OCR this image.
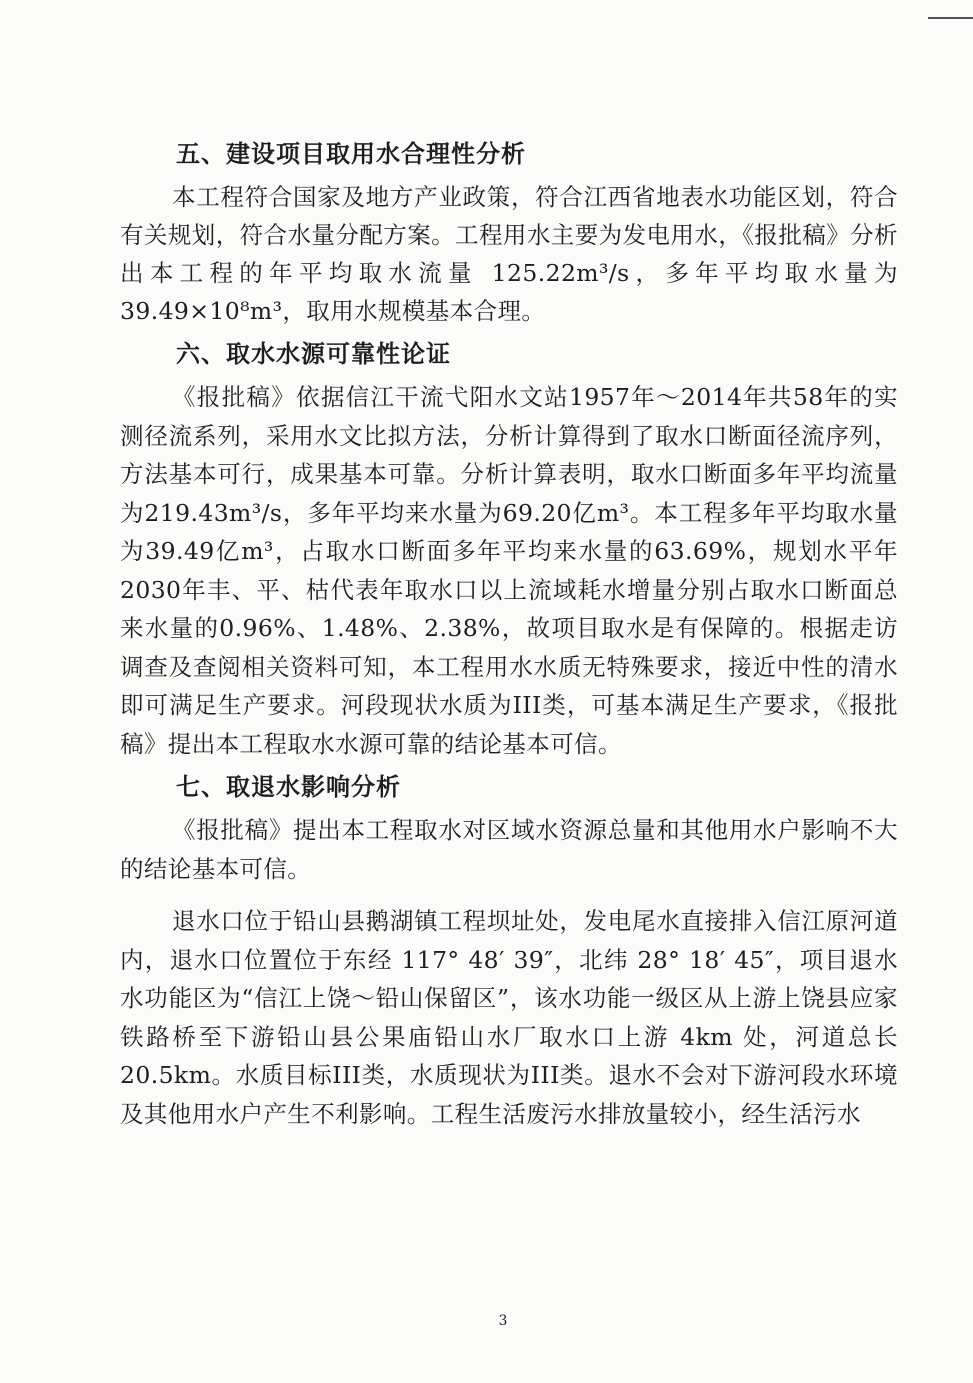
五、建设项目取用水合理性分析

本工程符合国家及地方产业政策，符合江西省地表水功能区划，符合有关规划，符合水量分配方案。工程用水主要为发电用水，《报批稿》分析出本工程的年平均取水流量 125.22m³/s，多年平均取水量为 39.49×10⁸m³，取用水规模基本合理。

六、取水水源可靠性论证

《报批稿》依据信江干流弋阳水文站1957年～2014年共58年的实测径流系列，采用水文比拟方法，分析计算得到了取水口断面径流序列，方法基本可行，成果基本可靠。分析计算表明，取水口断面多年平均流量为219.43m³/s，多年平均来水量为69.20亿m³。本工程多年平均取水量为39.49亿m³，占取水口断面多年平均来水量的63.69%，规划水平年2030年丰、平、枯代表年取水口以上流域耗水增量分别占取水口断面总来水量的0.96%、1.48%、2.38%，故项目取水是有保障的。根据走访调查及查阅相关资料可知，本工程用水水质无特殊要求，接近中性的清水即可满足生产要求。河段现状水质为III类，可基本满足生产要求，《报批稿》提出本工程取水水源可靠的结论基本可信。

七、取退水影响分析

《报批稿》提出本工程取水对区域水资源总量和其他用水户影响不大的结论基本可信。

退水口位于铅山县鹅湖镇工程坝址处，发电尾水直接排入信江原河道内，退水口位置位于东经 117° 48′ 39″，北纬 28° 18′ 45″，项目退水水功能区为“信江上饶～铅山保留区”，该水功能一级区从上游上饶县应家铁路桥至下游铅山县公果庙铅山水厂取水口上游 4km 处，河道总长20.5km。水质目标III类，水质现状为III类。退水不会对下游河段水环境及其他用水户产生不利影响。工程生活废污水排放量较小，经生活污水

3
